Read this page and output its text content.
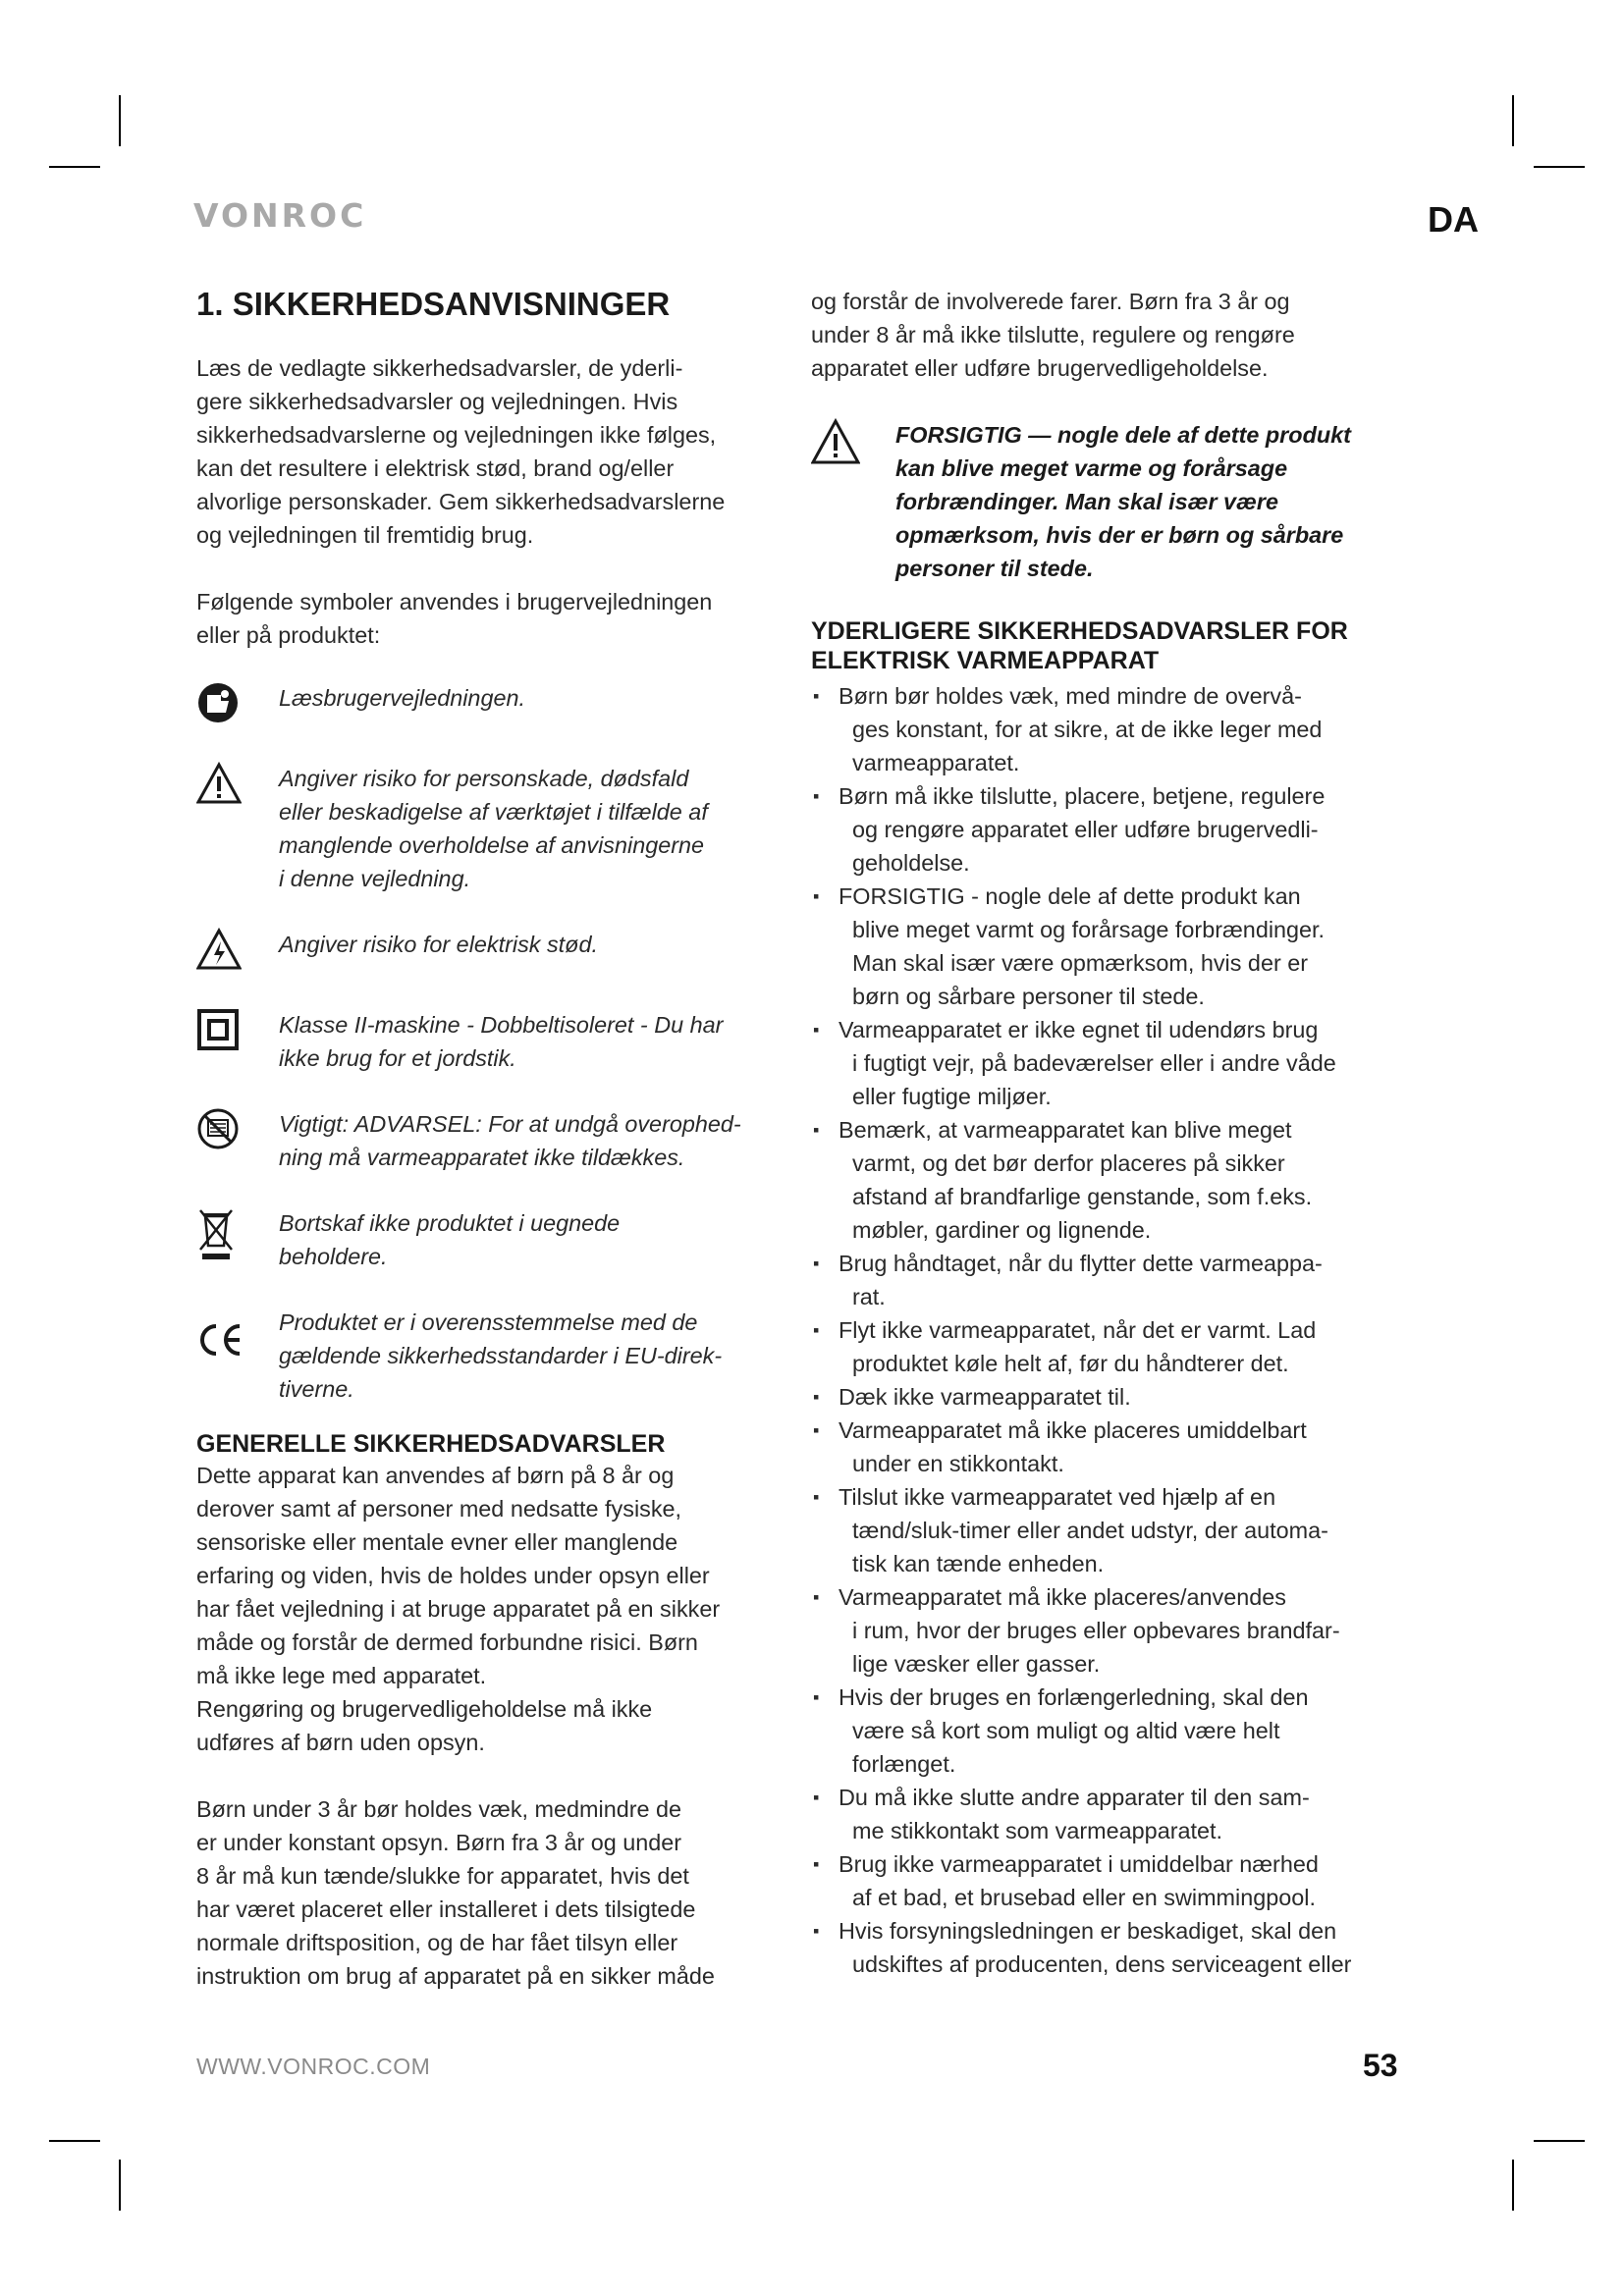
VONROC	DA
1. SIKKERHEDSANVISNINGER

Læs de vedlagte sikkerhedsadvarsler, de yderli-

gere sikkerhedsadvarsler og vejledningen. Hvis

sikkerhedsadvarslerne og vejledningen ikke følges,

kan det resultere i elektrisk stød, brand og/eller

alvorlige personskader. Gem sikkerhedsadvarslerne

og vejledningen til fremtidig brug.

Følgende symboler anvendes i brugervejledningen

eller på produktet:

Læsbrugervejledningen.
Angiver risiko for personskade, dødsfald
eller beskadigelse af værktøjet i tilfælde af
manglende overholdelse af anvisningerne
i denne vejledning.
Angiver risiko for elektrisk stød.
Klasse II-maskine - Dobbeltisoleret - Du har
ikke brug for et jordstik.
Vigtigt: ADVARSEL: For at undgå overophed-
ning må varmeapparatet ikke tildækkes.
Bortskaf ikke produktet i uegnede
beholdere.
Produktet er i overensstemmelse med de
gældende sikkerhedsstandarder i EU-direk-
tiverne.
GENERELLE SIKKERHEDSADVARSLER

Dette apparat kan anvendes af børn på 8 år og

derover samt af personer med nedsatte fysiske,

sensoriske eller mentale evner eller manglende

erfaring og viden, hvis de holdes under opsyn eller

har fået vejledning i at bruge apparatet på en sikker

måde og forstår de dermed forbundne risici. Børn

må ikke lege med apparatet.

Rengøring og brugervedligeholdelse må ikke

udføres af børn uden opsyn.

Børn under 3 år bør holdes væk, medmindre de

er under konstant opsyn. Børn fra 3 år og under

8 år må kun tænde/slukke for apparatet, hvis det

har været placeret eller installeret i dets tilsigtede

normale driftsposition, og de har fået tilsyn eller

instruktion om brug af apparatet på en sikker måde

og forstår de involverede farer. Børn fra 3 år og

under 8 år må ikke tilslutte, regulere og rengøre

apparatet eller udføre brugervedligeholdelse.

FORSIGTIG — nogle dele af dette produkt
kan blive meget varme og forårsage
forbrændinger. Man skal især være
opmærksom, hvis der er børn og sårbare
personer til stede.
YDERLIGERE SIKKERHEDSADVARSLER FOR
ELEKTRISK VARMEAPPARAT
▪ Børn bør holdes væk, med mindre de overvå-
ges konstant, for at sikre, at de ikke leger med
varmeapparatet.
▪ Børn må ikke tilslutte, placere, betjene, regulere
og rengøre apparatet eller udføre brugervedli-
geholdelse.
▪ FORSIGTIG - nogle dele af dette produkt kan
blive meget varmt og forårsage forbrændinger.
Man skal især være opmærksom, hvis der er
børn og sårbare personer til stede.
▪ Varmeapparatet er ikke egnet til udendørs brug
i fugtigt vejr, på badeværelser eller i andre våde
eller fugtige miljøer.
▪ Bemærk, at varmeapparatet kan blive meget
varmt, og det bør derfor placeres på sikker
afstand af brandfarlige genstande, som f.eks.
møbler, gardiner og lignende.
▪ Brug håndtaget, når du flytter dette varmeappa-
rat.
▪ Flyt ikke varmeapparatet, når det er varmt. Lad
produktet køle helt af, før du håndterer det.
▪ Dæk ikke varmeapparatet til.
▪ Varmeapparatet må ikke placeres umiddelbart
under en stikkontakt.
▪ Tilslut ikke varmeapparatet ved hjælp af en
tænd/sluk-timer eller andet udstyr, der automa-
tisk kan tænde enheden.
▪ Varmeapparatet må ikke placeres/anvendes
i rum, hvor der bruges eller opbevares brandfar-
lige væsker eller gasser.
▪ Hvis der bruges en forlængerledning, skal den
være så kort som muligt og altid være helt
forlænget.
▪ Du må ikke slutte andre apparater til den sam-
me stikkontakt som varmeapparatet.
▪ Brug ikke varmeapparatet i umiddelbar nærhed
af et bad, et brusebad eller en swimmingpool.
▪ Hvis forsyningsledningen er beskadiget, skal den
udskiftes af producenten, dens serviceagent eller
WWW.VONROC.COM	53
